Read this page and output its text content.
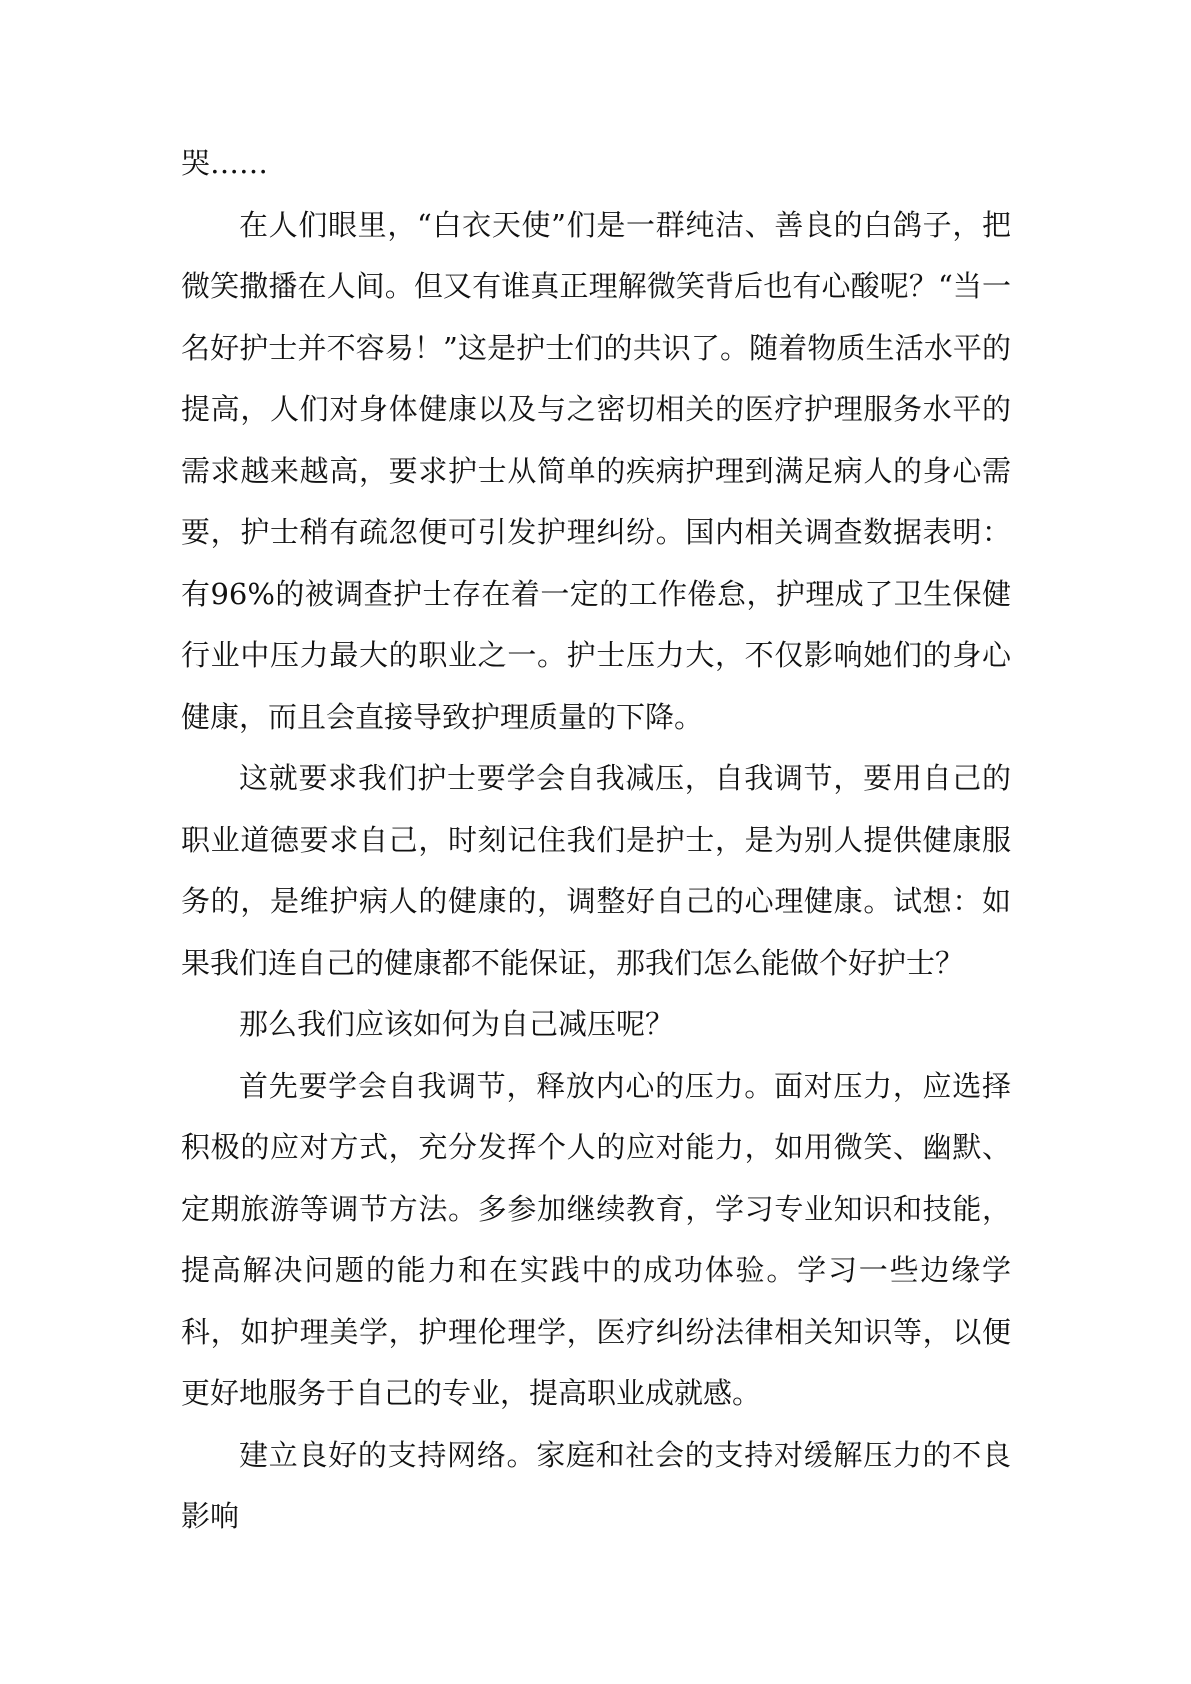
哭……

在人们眼里，“白衣天使”们是一群纯洁、善良的白鸽子，把微笑撒播在人间。但又有谁真正理解微笑背后也有心酸呢？“当一名好护士并不容易！”这是护士们的共识了。随着物质生活水平的提高，人们对身体健康以及与之密切相关的医疗护理服务水平的需求越来越高，要求护士从简单的疾病护理到满足病人的身心需要，护士稍有疏忽便可引发护理纠纷。国内相关调查数据表明：有96%的被调查护士存在着一定的工作倦怠，护理成了卫生保健行业中压力最大的职业之一。护士压力大，不仅影响她们的身心健康，而且会直接导致护理质量的下降。

这就要求我们护士要学会自我减压，自我调节，要用自己的职业道德要求自己，时刻记住我们是护士，是为别人提供健康服务的，是维护病人的健康的，调整好自己的心理健康。试想：如果我们连自己的健康都不能保证，那我们怎么能做个好护士？

那么我们应该如何为自己减压呢？

首先要学会自我调节，释放内心的压力。面对压力，应选择积极的应对方式，充分发挥个人的应对能力，如用微笑、幽默、定期旅游等调节方法。多参加继续教育，学习专业知识和技能，提高解决问题的能力和在实践中的成功体验。学习一些边缘学科，如护理美学，护理伦理学，医疗纠纷法律相关知识等，以便更好地服务于自己的专业，提高职业成就感。

建立良好的支持网络。家庭和社会的支持对缓解压力的不良影响
